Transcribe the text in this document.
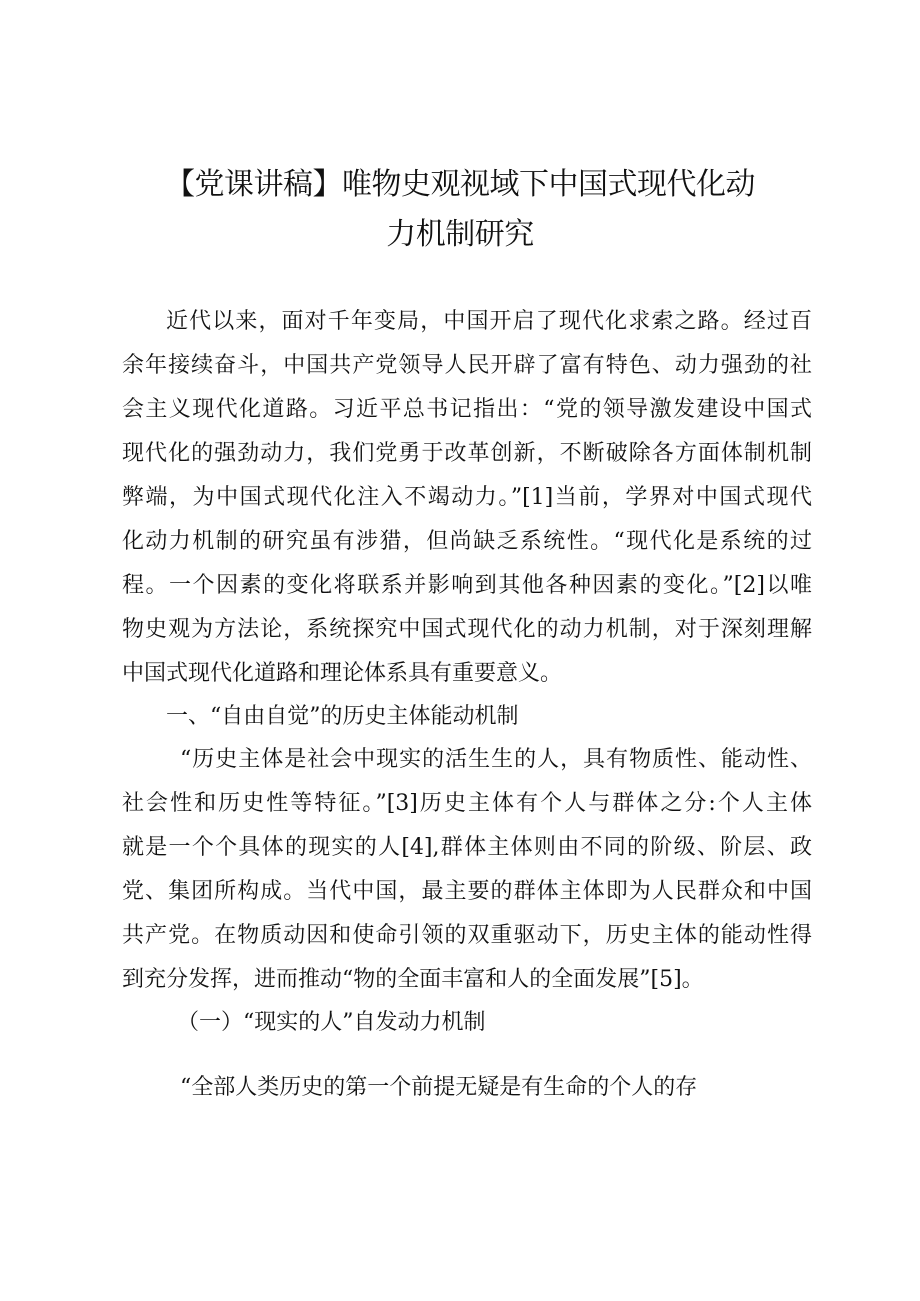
【党课讲稿】唯物史观视域下中国式现代化动
力机制研究
近代以来，面对千年变局，中国开启了现代化求索之路。经过百
余年接续奋斗，中国共产党领导人民开辟了富有特色、动力强劲的社
会主义现代化道路。习近平总书记指出：“党的领导激发建设中国式
现代化的强劲动力，我们党勇于改革创新，不断破除各方面体制机制
弊端，为中国式现代化注入不竭动力。”[1]当前，学界对中国式现代
化动力机制的研究虽有涉猎，但尚缺乏系统性。“现代化是系统的过
程。一个因素的变化将联系并影响到其他各种因素的变化。”[2]以唯
物史观为方法论，系统探究中国式现代化的动力机制，对于深刻理解
中国式现代化道路和理论体系具有重要意义。
一、“自由自觉”的历史主体能动机制
“历史主体是社会中现实的活生生的人，具有物质性、能动性、
社会性和历史性等特征。”[3]历史主体有个人与群体之分:个人主体
就是一个个具体的现实的人[4],群体主体则由不同的阶级、阶层、政
党、集团所构成。当代中国，最主要的群体主体即为人民群众和中国
共产党。在物质动因和使命引领的双重驱动下，历史主体的能动性得
到充分发挥，进而推动“物的全面丰富和人的全面发展”[5]。
（一）“现实的人”自发动力机制
“全部人类历史的第一个前提无疑是有生命的个人的存
